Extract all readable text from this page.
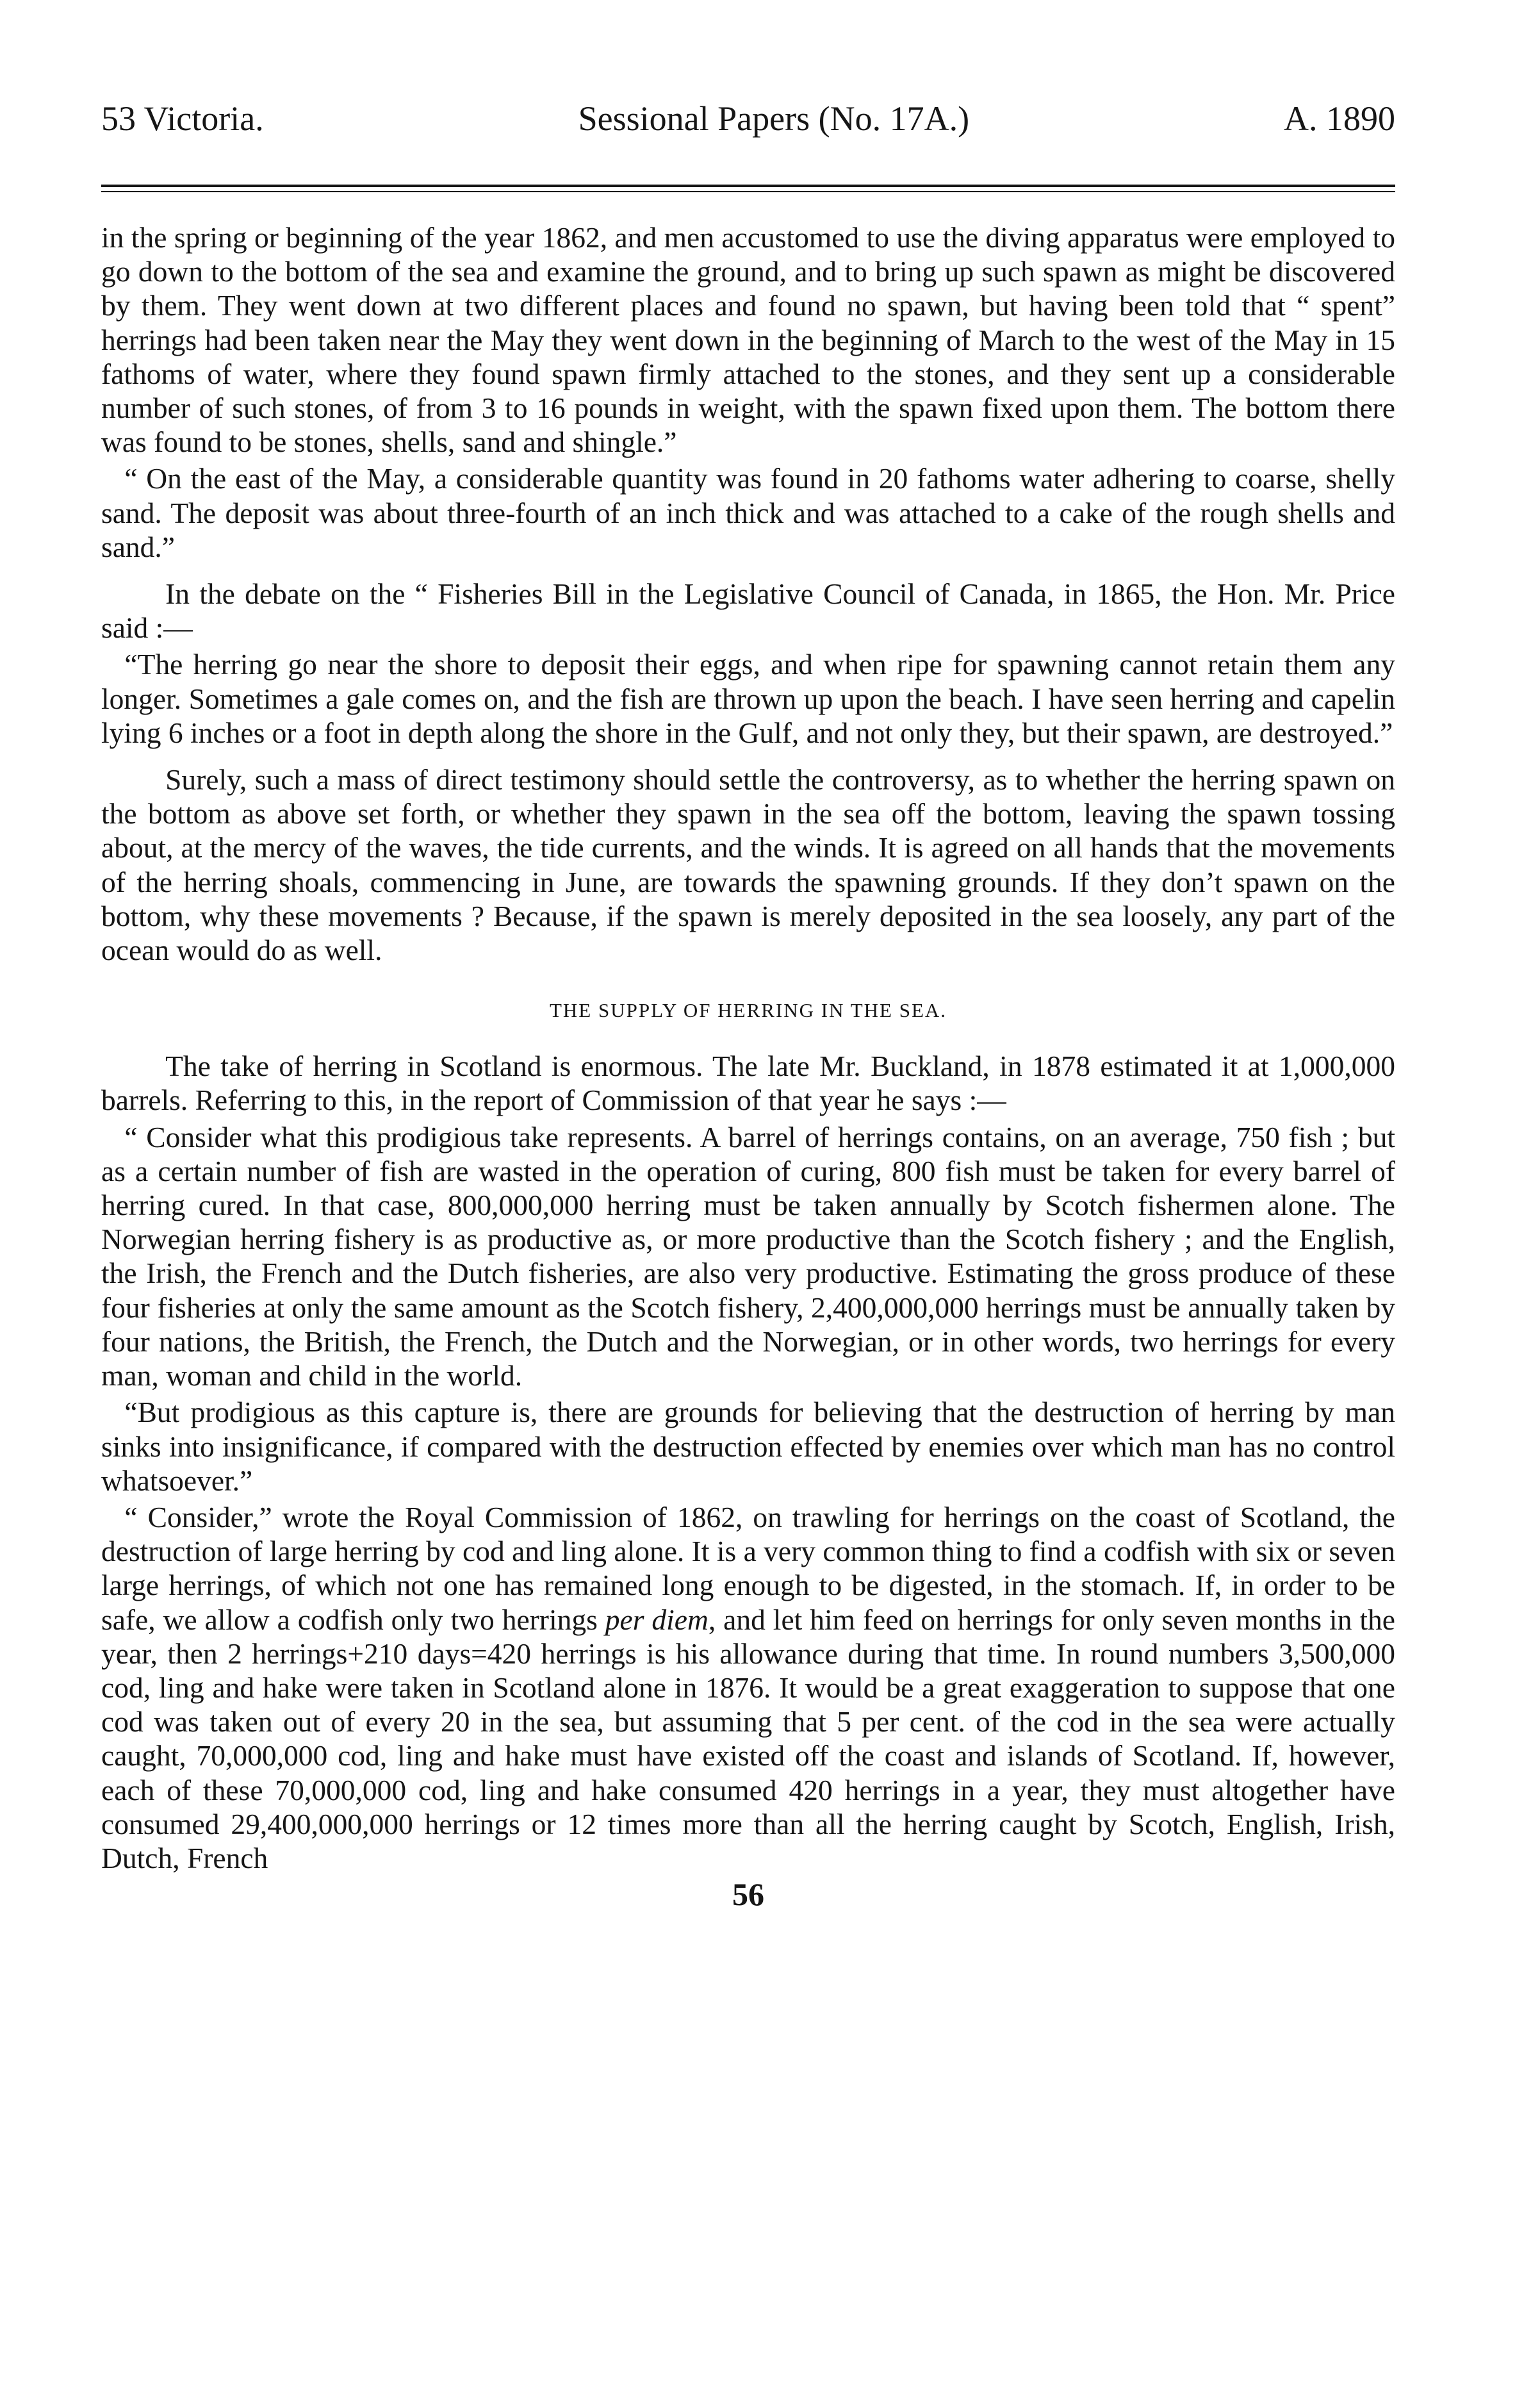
53 Victoria.	Sessional Papers (No. 17A.)	A. 1890

in the spring or beginning of the year 1862, and men accustomed to use the diving apparatus were employed to go down to the bottom of the sea and examine the ground, and to bring up such spawn as might be discovered by them. They went down at two different places and found no spawn, but having been told that “ spent” herrings had been taken near the May they went down in the beginning of March to the west of the May in 15 fathoms of water, where they found spawn firmly attached to the stones, and they sent up a considerable number of such stones, of from 3 to 16 pounds in weight, with the spawn fixed upon them. The bottom there was found to be stones, shells, sand and shingle.”

“ On the east of the May, a considerable quantity was found in 20 fathoms water adhering to coarse, shelly sand. The deposit was about three-fourth of an inch thick and was attached to a cake of the rough shells and sand.”

In the debate on the “ Fisheries Bill in the Legislative Council of Canada, in 1865, the Hon. Mr. Price said :—

“The herring go near the shore to deposit their eggs, and when ripe for spawning cannot retain them any longer. Sometimes a gale comes on, and the fish are thrown up upon the beach. I have seen herring and capelin lying 6 inches or a foot in depth along the shore in the Gulf, and not only they, but their spawn, are destroyed.”

Surely, such a mass of direct testimony should settle the controversy, as to whether the herring spawn on the bottom as above set forth, or whether they spawn in the sea off the bottom, leaving the spawn tossing about, at the mercy of the waves, the tide currents, and the winds. It is agreed on all hands that the movements of the herring shoals, commencing in June, are towards the spawning grounds. If they don’t spawn on the bottom, why these movements ? Because, if the spawn is merely deposited in the sea loosely, any part of the ocean would do as well.

THE SUPPLY OF HERRING IN THE SEA.

The take of herring in Scotland is enormous. The late Mr. Buckland, in 1878 estimated it at 1,000,000 barrels. Referring to this, in the report of Commission of that year he says :—

“ Consider what this prodigious take represents. A barrel of herrings contains, on an average, 750 fish ; but as a certain number of fish are wasted in the operation of curing, 800 fish must be taken for every barrel of herring cured. In that case, 800,000,000 herring must be taken annually by Scotch fishermen alone. The Norwegian herring fishery is as productive as, or more productive than the Scotch fishery ; and the English, the Irish, the French and the Dutch fisheries, are also very productive. Estimating the gross produce of these four fisheries at only the same amount as the Scotch fishery, 2,400,000,000 herrings must be annually taken by four nations, the British, the French, the Dutch and the Norwegian, or in other words, two herrings for every man, woman and child in the world.

“But prodigious as this capture is, there are grounds for believing that the destruction of herring by man sinks into insignificance, if compared with the destruction effected by enemies over which man has no control whatsoever.”

“ Consider,” wrote the Royal Commission of 1862, on trawling for herrings on the coast of Scotland, the destruction of large herring by cod and ling alone. It is a very common thing to find a codfish with six or seven large herrings, of which not one has remained long enough to be digested, in the stomach. If, in order to be safe, we allow a codfish only two herrings per diem, and let him feed on herrings for only seven months in the year, then 2 herrings+210 days=420 herrings is his allowance during that time. In round numbers 3,500,000 cod, ling and hake were taken in Scotland alone in 1876. It would be a great exaggeration to suppose that one cod was taken out of every 20 in the sea, but assuming that 5 per cent. of the cod in the sea were actually caught, 70,000,000 cod, ling and hake must have existed off the coast and islands of Scotland. If, however, each of these 70,000,000 cod, ling and hake consumed 420 herrings in a year, they must altogether have consumed 29,400,000,000 herrings or 12 times more than all the herring caught by Scotch, English, Irish, Dutch, French

56
